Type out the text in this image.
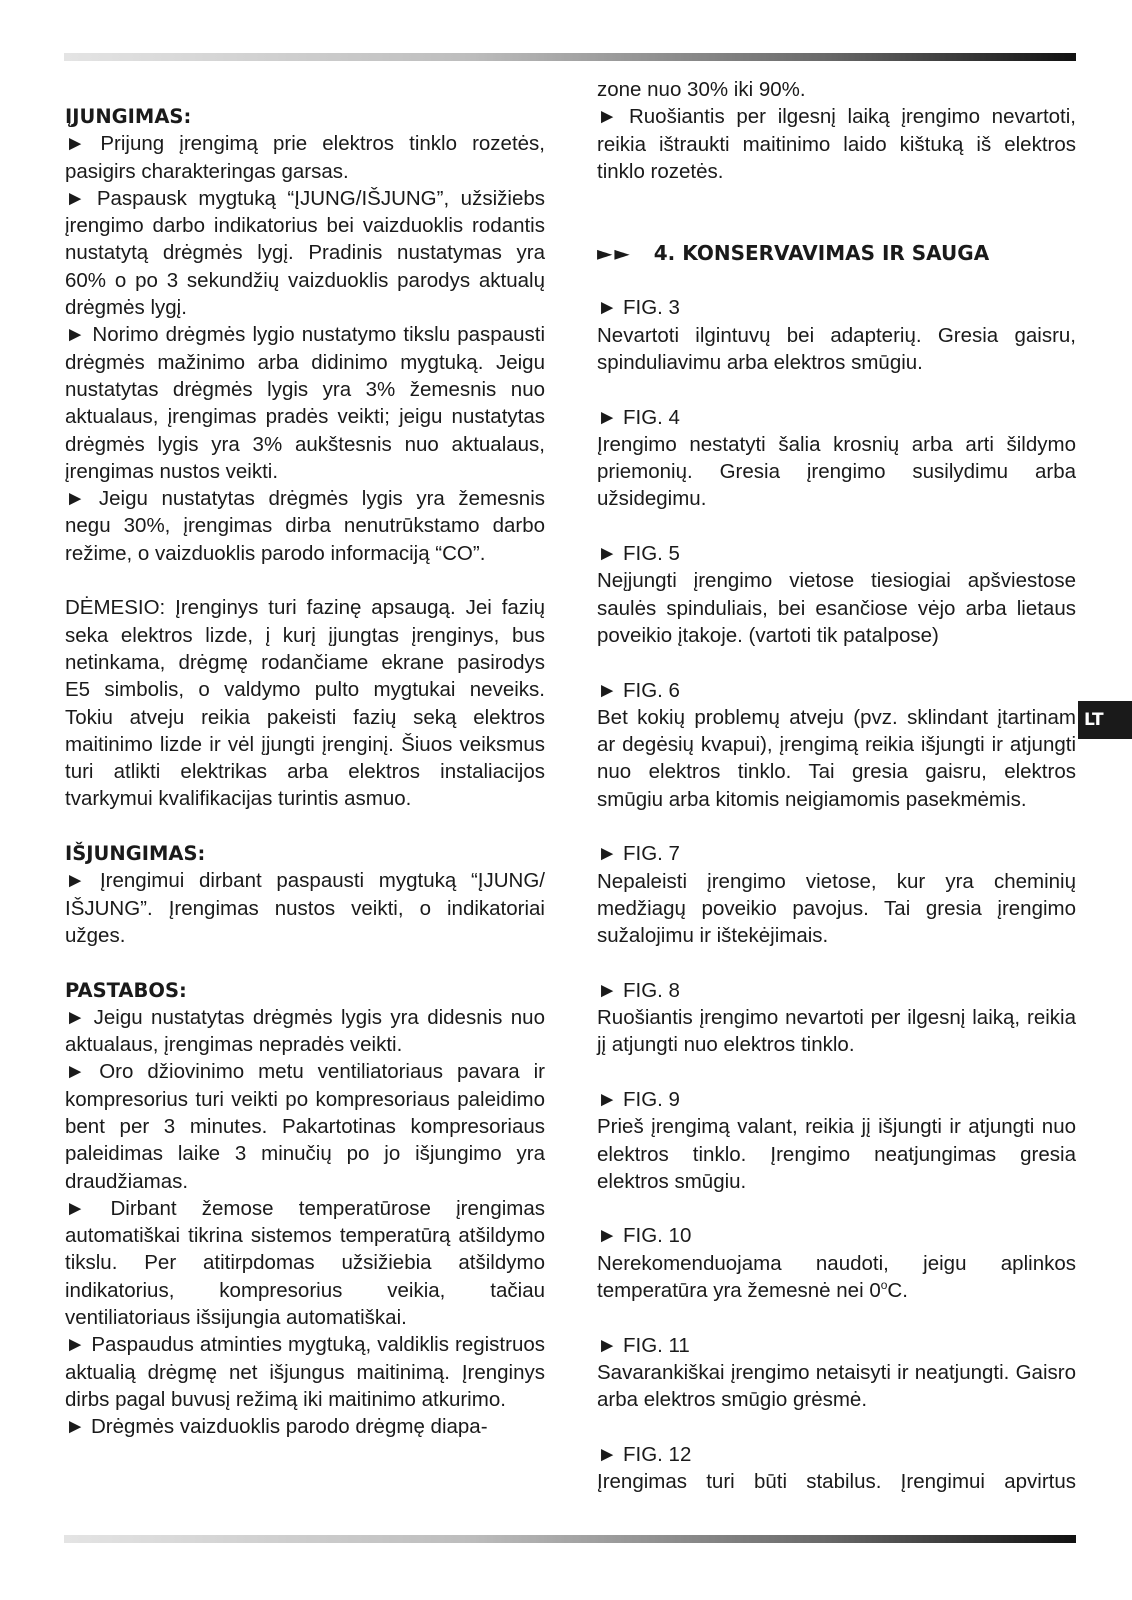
LT

ĮJUNGIMAS:

► Prijung įrengimą prie elektros tinklo rozetės, pasigirs charakteringas garsas.

► Paspausk mygtuką “ĮJUNG/IŠJUNG”, užsižiebs įrengimo darbo indikatorius bei vaizduoklis rodantis nustatytą drėgmės lygį. Pradinis nustatymas yra 60% o po 3 sekundžių vaizduoklis parodys aktualų drėgmės lygį.

► Norimo drėgmės lygio nustatymo tikslu paspausti drėgmės mažinimo arba didinimo mygtuką. Jeigu nustatytas drėgmės lygis yra 3% žemesnis nuo aktualaus, įrengimas pradės veikti; jeigu nustatytas drėgmės lygis yra 3% aukštesnis nuo aktualaus, įrengimas nustos veikti.

► Jeigu nustatytas drėgmės lygis yra žemesnis negu 30%, įrengimas dirba nenutrūkstamo darbo režime, o vaizduoklis parodo informaciją “CO”.

DĖMESIO: Įrenginys turi fazinę apsaugą. Jei fazių seka elektros lizde, į kurį įjungtas įrenginys, bus netinkama, drėgmę rodančiame ekrane pasirodys E5 simbolis, o valdymo pulto mygtukai neveiks. Tokiu atveju reikia pakeisti fazių seką elektros maitinimo lizde ir vėl įjungti įrenginį. Šiuos veiksmus turi atlikti elektrikas arba elektros instaliacijos tvarkymui kvalifikacijas turintis asmuo.

IŠJUNGIMAS:

► Įrengimui dirbant paspausti mygtuką “ĮJUNG/ IŠJUNG”. Įrengimas nustos veikti, o indikatoriai užges.

PASTABOS:

► Jeigu nustatytas drėgmės lygis yra didesnis nuo aktualaus, įrengimas nepradės veikti.

► Oro džiovinimo metu ventiliatoriaus pavara ir kompresorius turi veikti po kompresoriaus paleidimo bent per 3 minutes. Pakartotinas kompresoriaus paleidimas laike 3 minučių po jo išjungimo yra draudžiamas.

► Dirbant žemose temperatūrose įrengimas automatiškai tikrina sistemos temperatūrą atšildymo tikslu. Per atitirpdomas užsižiebia atšildymo indikatorius, kompresorius veikia, tačiau ventiliatoriaus išsijungia automatiškai.

► Paspaudus atminties mygtuką, valdiklis registruos aktualią drėgmę net išjungus maitinimą. Įrenginys dirbs pagal buvusį režimą iki maitinimo atkurimo.

► Drėgmės vaizduoklis parodo drėgmę diapa-

zone nuo 30% iki 90%.

► Ruošiantis per ilgesnį laiką įrengimo nevartoti, reikia ištraukti maitinimo laido kištuką iš elektros tinklo rozetės.

►► 4. KONSERVAVIMAS IR SAUGA

► FIG. 3

Nevartoti ilgintuvų bei adapterių. Gresia gaisru, spinduliavimu arba elektros smūgiu.

► FIG. 4

Įrengimo nestatyti šalia krosnių arba arti šildymo priemonių. Gresia įrengimo susilydimu arba užsidegimu.

► FIG. 5

Neįjungti įrengimo vietose tiesiogiai apšviestose saulės spinduliais, bei esančiose vėjo arba lietaus poveikio įtakoje. (vartoti tik patalpose)

► FIG. 6

Bet kokių problemų atveju (pvz. sklindant įtartinam ar degėsių kvapui), įrengimą reikia išjungti ir atjungti nuo elektros tinklo. Tai gresia gaisru, elektros smūgiu arba kitomis neigiamomis pasekmėmis.

► FIG. 7

Nepaleisti įrengimo vietose, kur yra cheminių medžiagų poveikio pavojus. Tai gresia įrengimo sužalojimu ir ištekėjimais.

► FIG. 8

Ruošiantis įrengimo nevartoti per ilgesnį laiką, reikia jį atjungti nuo elektros tinklo.

► FIG. 9

Prieš įrengimą valant, reikia jį išjungti ir atjungti nuo elektros tinklo. Įrengimo neatjungimas gresia elektros smūgiu.

► FIG. 10

Nerekomenduojama naudoti, jeigu aplinkos temperatūra yra žemesnė nei 0$^o$C.

► FIG. 11

Savarankiškai įrengimo netaisyti ir neatjungti. Gaisro arba elektros smūgio grėsmė.

► FIG. 12

Įrengimas turi būti stabilus. Įrengimui apvirtus
